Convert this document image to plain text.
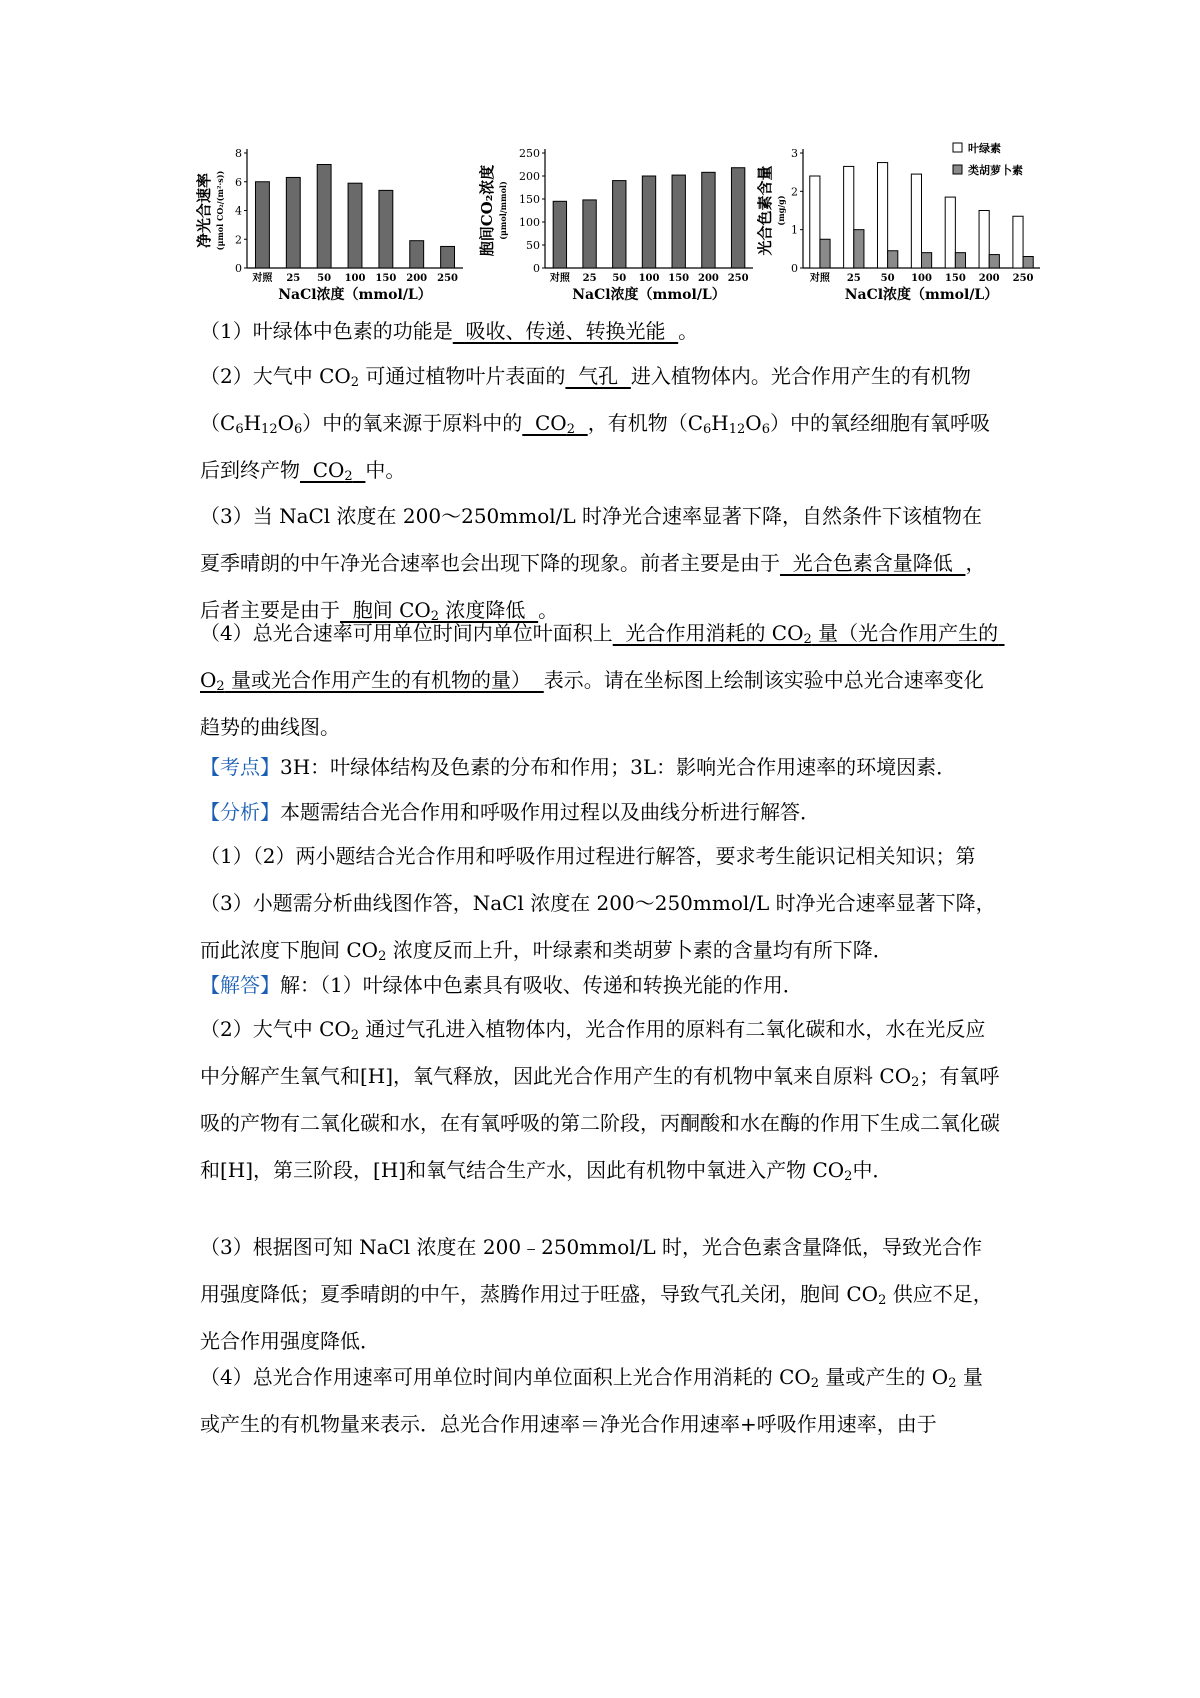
净光合速率 (μmol CO₂/(m²·s))
0
2
4
6
8
对照 25 50 100 150 200 250
NaCl浓度（mmol/L）
胞间CO₂浓度 (μmol/mmol)
0
50
100
150
200
250
对照 25 50 100 150 200 250
NaCl浓度（mmol/L）
光合色素含量 (mg/g)
0
1
2
3
对照 25 50 100 150 200 250
NaCl浓度（mmol/L）
叶绿素
类胡萝卜素
（1）叶绿体中色素的功能是  吸收、传递、转换光能  。
（2）大气中 $CO_2$ 可通过植物叶片表面的  气孔  进入植物体内。光合作用产生的有机物$(C_6H_{12}O_6)$中的氧来源于原料中的  $CO_2$ ，有机物$(C_6H_{12}O_6)$中的氧经细胞有氧呼吸后到终产物  $CO_2$ 中。
（3）当 NaCl 浓度在 200～250mmol/L 时净光合速率显著下降，自然条件下该植物在夏季晴朗的中午净光合速率也会出现下降的现象。前者主要是由于  光合色素含量降低  ，后者主要是由于  胞间 $CO_2$ 浓度降低  。
（4）总光合速率可用单位时间内单位叶面积上  光合作用消耗的 $CO_2$ 量（光合作用产生的 $O_2$ 量或光合作用产生的有机物的量）  表示。请在坐标图上绘制该实验中总光合速率变化趋势的曲线图。
【考点】3H：叶绿体结构及色素的分布和作用；3L：影响光合作用速率的环境因素．
【分析】本题需结合光合作用和呼吸作用过程以及曲线分析进行解答．
（1）（2）两小题结合光合作用和呼吸作用过程进行解答，要求考生能识记相关知识；第（3）小题需分析曲线图作答，NaCl 浓度在 200～250mmol/L 时净光合速率显著下降，而此浓度下胞间 $CO_2$ 浓度反而上升，叶绿素和类胡萝卜素的含量均有所下降．
【解答】解：（1）叶绿体中色素具有吸收、传递和转换光能的作用．
（2）大气中 $CO_2$ 通过气孔进入植物体内，光合作用的原料有二氧化碳和水，水在光反应中分解产生氧气和[H]，氧气释放，因此光合作用产生的有机物中氧来自原料 $CO_2$；有氧呼吸的产物有二氧化碳和水，在有氧呼吸的第二阶段，丙酮酸和水在酶的作用下生成二氧化碳和[H]，第三阶段，[H]和氧气结合生产水，因此有机物中氧进入产物 $CO_2$中．
（3）根据图可知 NaCl 浓度在 200﹣250mmol/L 时，光合色素含量降低，导致光合作用强度降低；夏季晴朗的中午，蒸腾作用过于旺盛，导致气孔关闭，胞间 $CO_2$ 供应不足，光合作用强度降低．
（4）总光合作用速率可用单位时间内单位面积上光合作用消耗的 $CO_2$ 量或产生的 $O_2$ 量或产生的有机物量来表示．总光合作用速率＝净光合作用速率+呼吸作用速率，由于
